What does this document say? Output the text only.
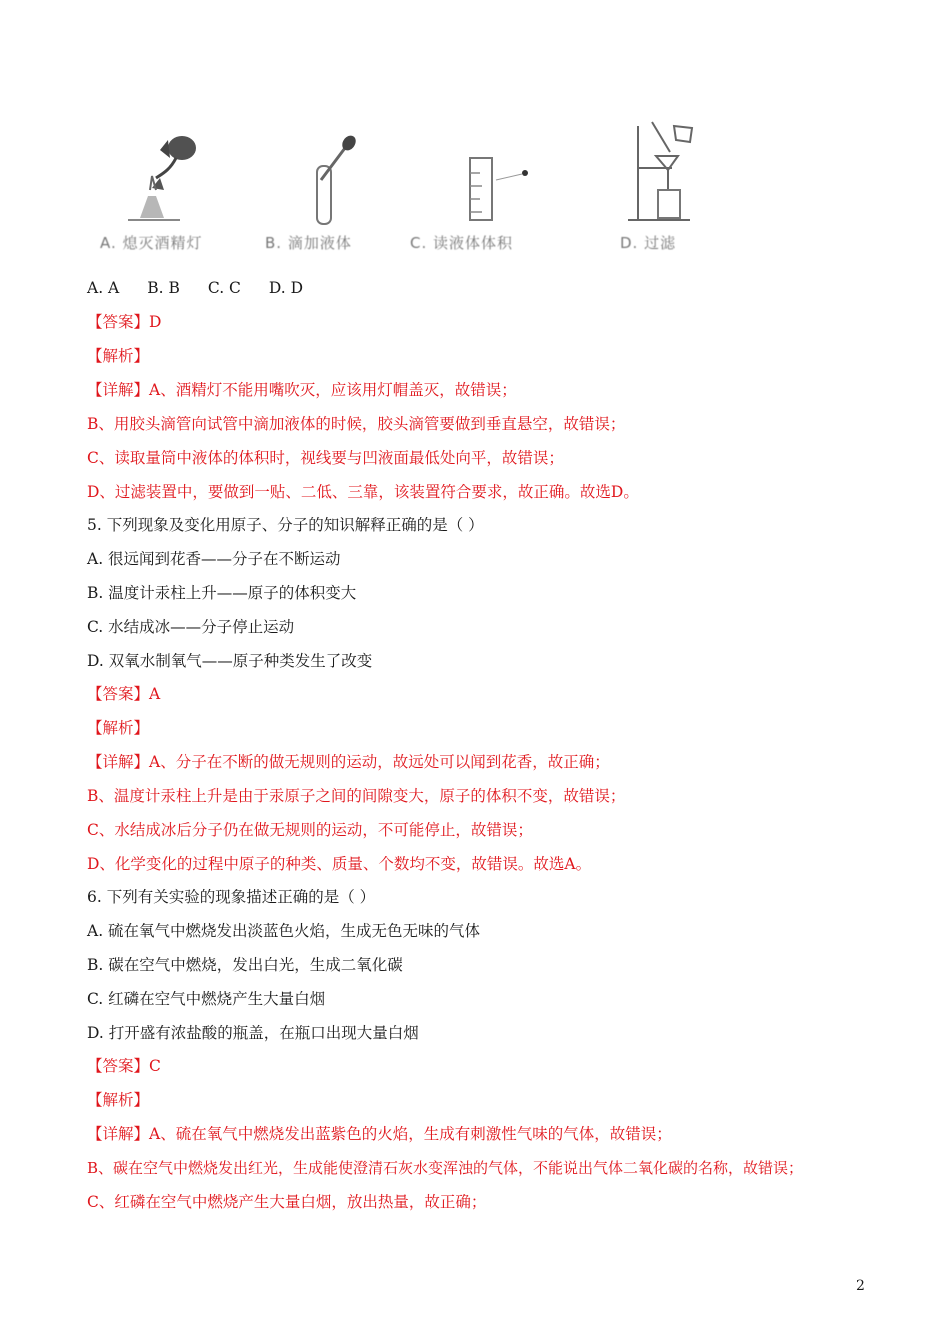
A. 熄灭酒精灯	B. 滴加液体	C. 读液体体积	D. 过滤
A. A B. B C. C D. D
【答案】D
【解析】
【详解】A、酒精灯不能用嘴吹灭，应该用灯帽盖灭，故错误；
B、用胶头滴管向试管中滴加液体的时候，胶头滴管要做到垂直悬空，故错误；
C、读取量筒中液体的体积时，视线要与凹液面最低处向平，故错误；
D、过滤装置中，要做到一贴、二低、三靠，该装置符合要求，故正确。故选D。
5. 下列现象及变化用原子、分子的知识解释正确的是（ ）
A. 很远闻到花香——分子在不断运动
B. 温度计汞柱上升——原子的体积变大
C. 水结成冰——分子停止运动
D. 双氧水制氧气——原子种类发生了改变
【答案】A
【解析】
【详解】A、分子在不断的做无规则的运动，故远处可以闻到花香，故正确；
B、温度计汞柱上升是由于汞原子之间的间隙变大，原子的体积不变，故错误；
C、水结成冰后分子仍在做无规则的运动，不可能停止，故错误；
D、化学变化的过程中原子的种类、质量、个数均不变，故错误。故选A。
6. 下列有关实验的现象描述正确的是（ ）
A. 硫在氧气中燃烧发出淡蓝色火焰，生成无色无味的气体
B. 碳在空气中燃烧，发出白光，生成二氧化碳
C. 红磷在空气中燃烧产生大量白烟
D. 打开盛有浓盐酸的瓶盖，在瓶口出现大量白烟
【答案】C
【解析】
【详解】A、硫在氧气中燃烧发出蓝紫色的火焰，生成有刺激性气味的气体，故错误；
B、碳在空气中燃烧发出红光，生成能使澄清石灰水变浑浊的气体，不能说出气体二氧化碳的名称，故错误；
C、红磷在空气中燃烧产生大量白烟，放出热量，故正确；
2
